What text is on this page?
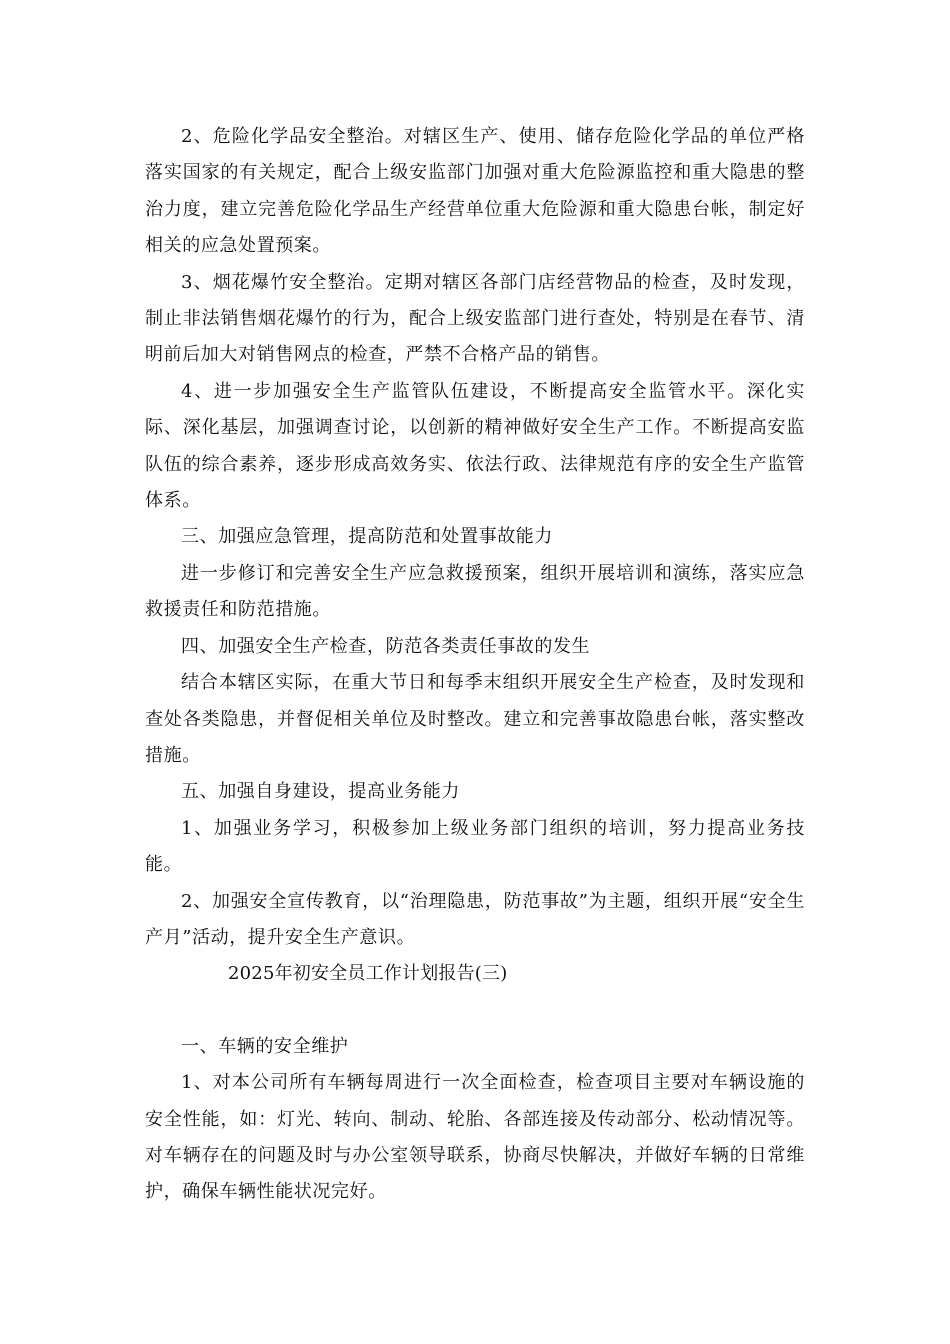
2、危险化学品安全整治。对辖区生产、使用、储存危险化学品的单位严格落实国家的有关规定，配合上级安监部门加强对重大危险源监控和重大隐患的整治力度，建立完善危险化学品生产经营单位重大危险源和重大隐患台帐，制定好相关的应急处置预案。

3、烟花爆竹安全整治。定期对辖区各部门店经营物品的检查，及时发现，制止非法销售烟花爆竹的行为，配合上级安监部门进行查处，特别是在春节、清明前后加大对销售网点的检查，严禁不合格产品的销售。

4、进一步加强安全生产监管队伍建设，不断提高安全监管水平。深化实际、深化基层，加强调查讨论，以创新的精神做好安全生产工作。不断提高安监队伍的综合素养，逐步形成高效务实、依法行政、法律规范有序的安全生产监管体系。

三、加强应急管理，提高防范和处置事故能力

进一步修订和完善安全生产应急救援预案，组织开展培训和演练，落实应急救援责任和防范措施。

四、加强安全生产检查，防范各类责任事故的发生

结合本辖区实际，在重大节日和每季末组织开展安全生产检查，及时发现和查处各类隐患，并督促相关单位及时整改。建立和完善事故隐患台帐，落实整改措施。

五、加强自身建设，提高业务能力

1、加强业务学习，积极参加上级业务部门组织的培训，努力提高业务技能。

2、加强安全宣传教育，以“治理隐患，防范事故”为主题，组织开展“安全生产月”活动，提升安全生产意识。

2025年初安全员工作计划报告(三)

一、车辆的安全维护

1、对本公司所有车辆每周进行一次全面检查，检查项目主要对车辆设施的安全性能，如：灯光、转向、制动、轮胎、各部连接及传动部分、松动情况等。对车辆存在的问题及时与办公室领导联系，协商尽快解决，并做好车辆的日常维护，确保车辆性能状况完好。
